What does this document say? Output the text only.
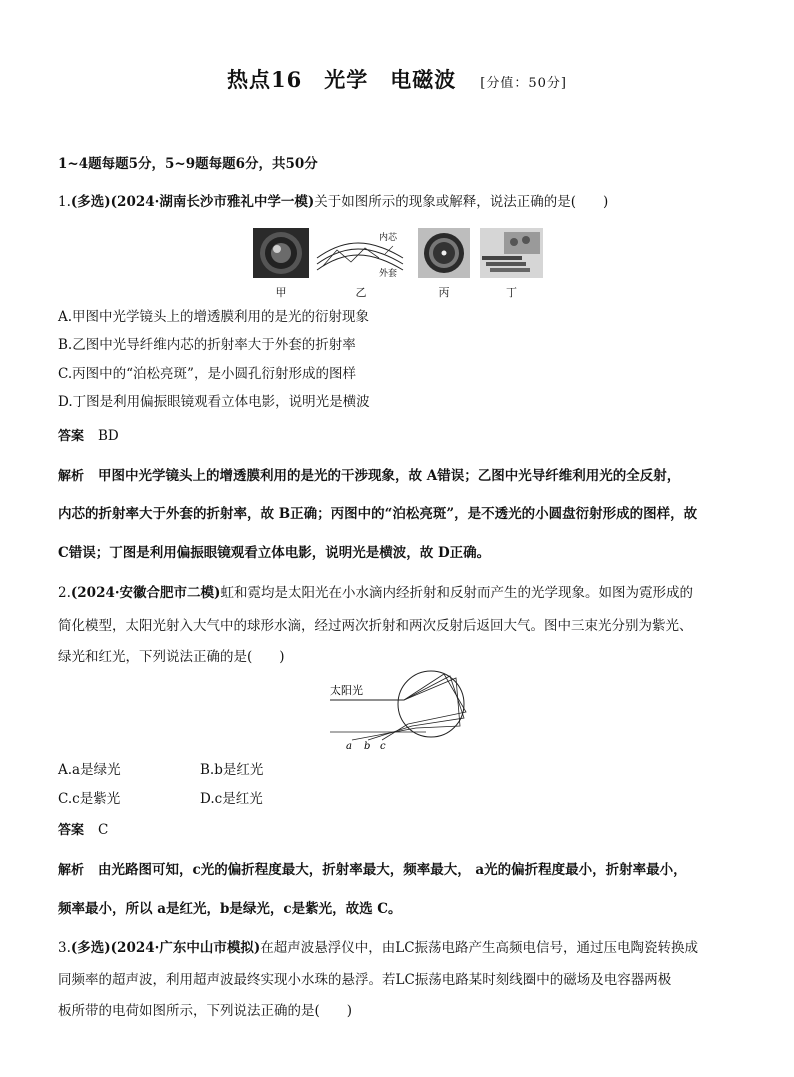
热点16　光学　电磁波 [分值：50分]
1~4题每题5分，5~9题每题6分，共50分
1.(多选)(2024·湖南长沙市雅礼中学一模)关于如图所示的现象或解释，说法正确的是(　　)
内芯
外套
甲	乙	丙	丁
A.甲图中光学镜头上的增透膜利用的是光的衍射现象
B.乙图中光导纤维内芯的折射率大于外套的折射率
C.丙图中的“泊松亮斑”，是小圆孔衍射形成的图样
D.丁图是利用偏振眼镜观看立体电影，说明光是横波
答案 BD
解析 甲图中光学镜头上的增透膜利用的是光的干涉现象，故 A错误；乙图中光导纤维利用光的全反射，
内芯的折射率大于外套的折射率，故 B正确；丙图中的“泊松亮斑”，是不透光的小圆盘衍射形成的图样，故
C错误；丁图是利用偏振眼镜观看立体电影，说明光是横波，故 D正确。
2.(2024·安徽合肥市二模)虹和霓均是太阳光在小水滴内经折射和反射而产生的光学现象。如图为霓形成的
简化模型，太阳光射入大气中的球形水滴，经过两次折射和两次反射后返回大气。图中三束光分别为紫光、
绿光和红光，下列说法正确的是(　　)
太阳光
a b c
A.a是绿光	B.b是红光
C.c是紫光	D.c是红光
答案 C
解析 由光路图可知，c光的偏折程度最大，折射率最大，频率最大， a光的偏折程度最小，折射率最小，
频率最小，所以 a是红光，b是绿光，c是紫光，故选 C。
3.(多选)(2024·广东中山市模拟)在超声波悬浮仪中，由LC振荡电路产生高频电信号，通过压电陶瓷转换成
同频率的超声波，利用超声波最终实现小水珠的悬浮。若LC振荡电路某时刻线圈中的磁场及电容器两极
板所带的电荷如图所示，下列说法正确的是(　　)
